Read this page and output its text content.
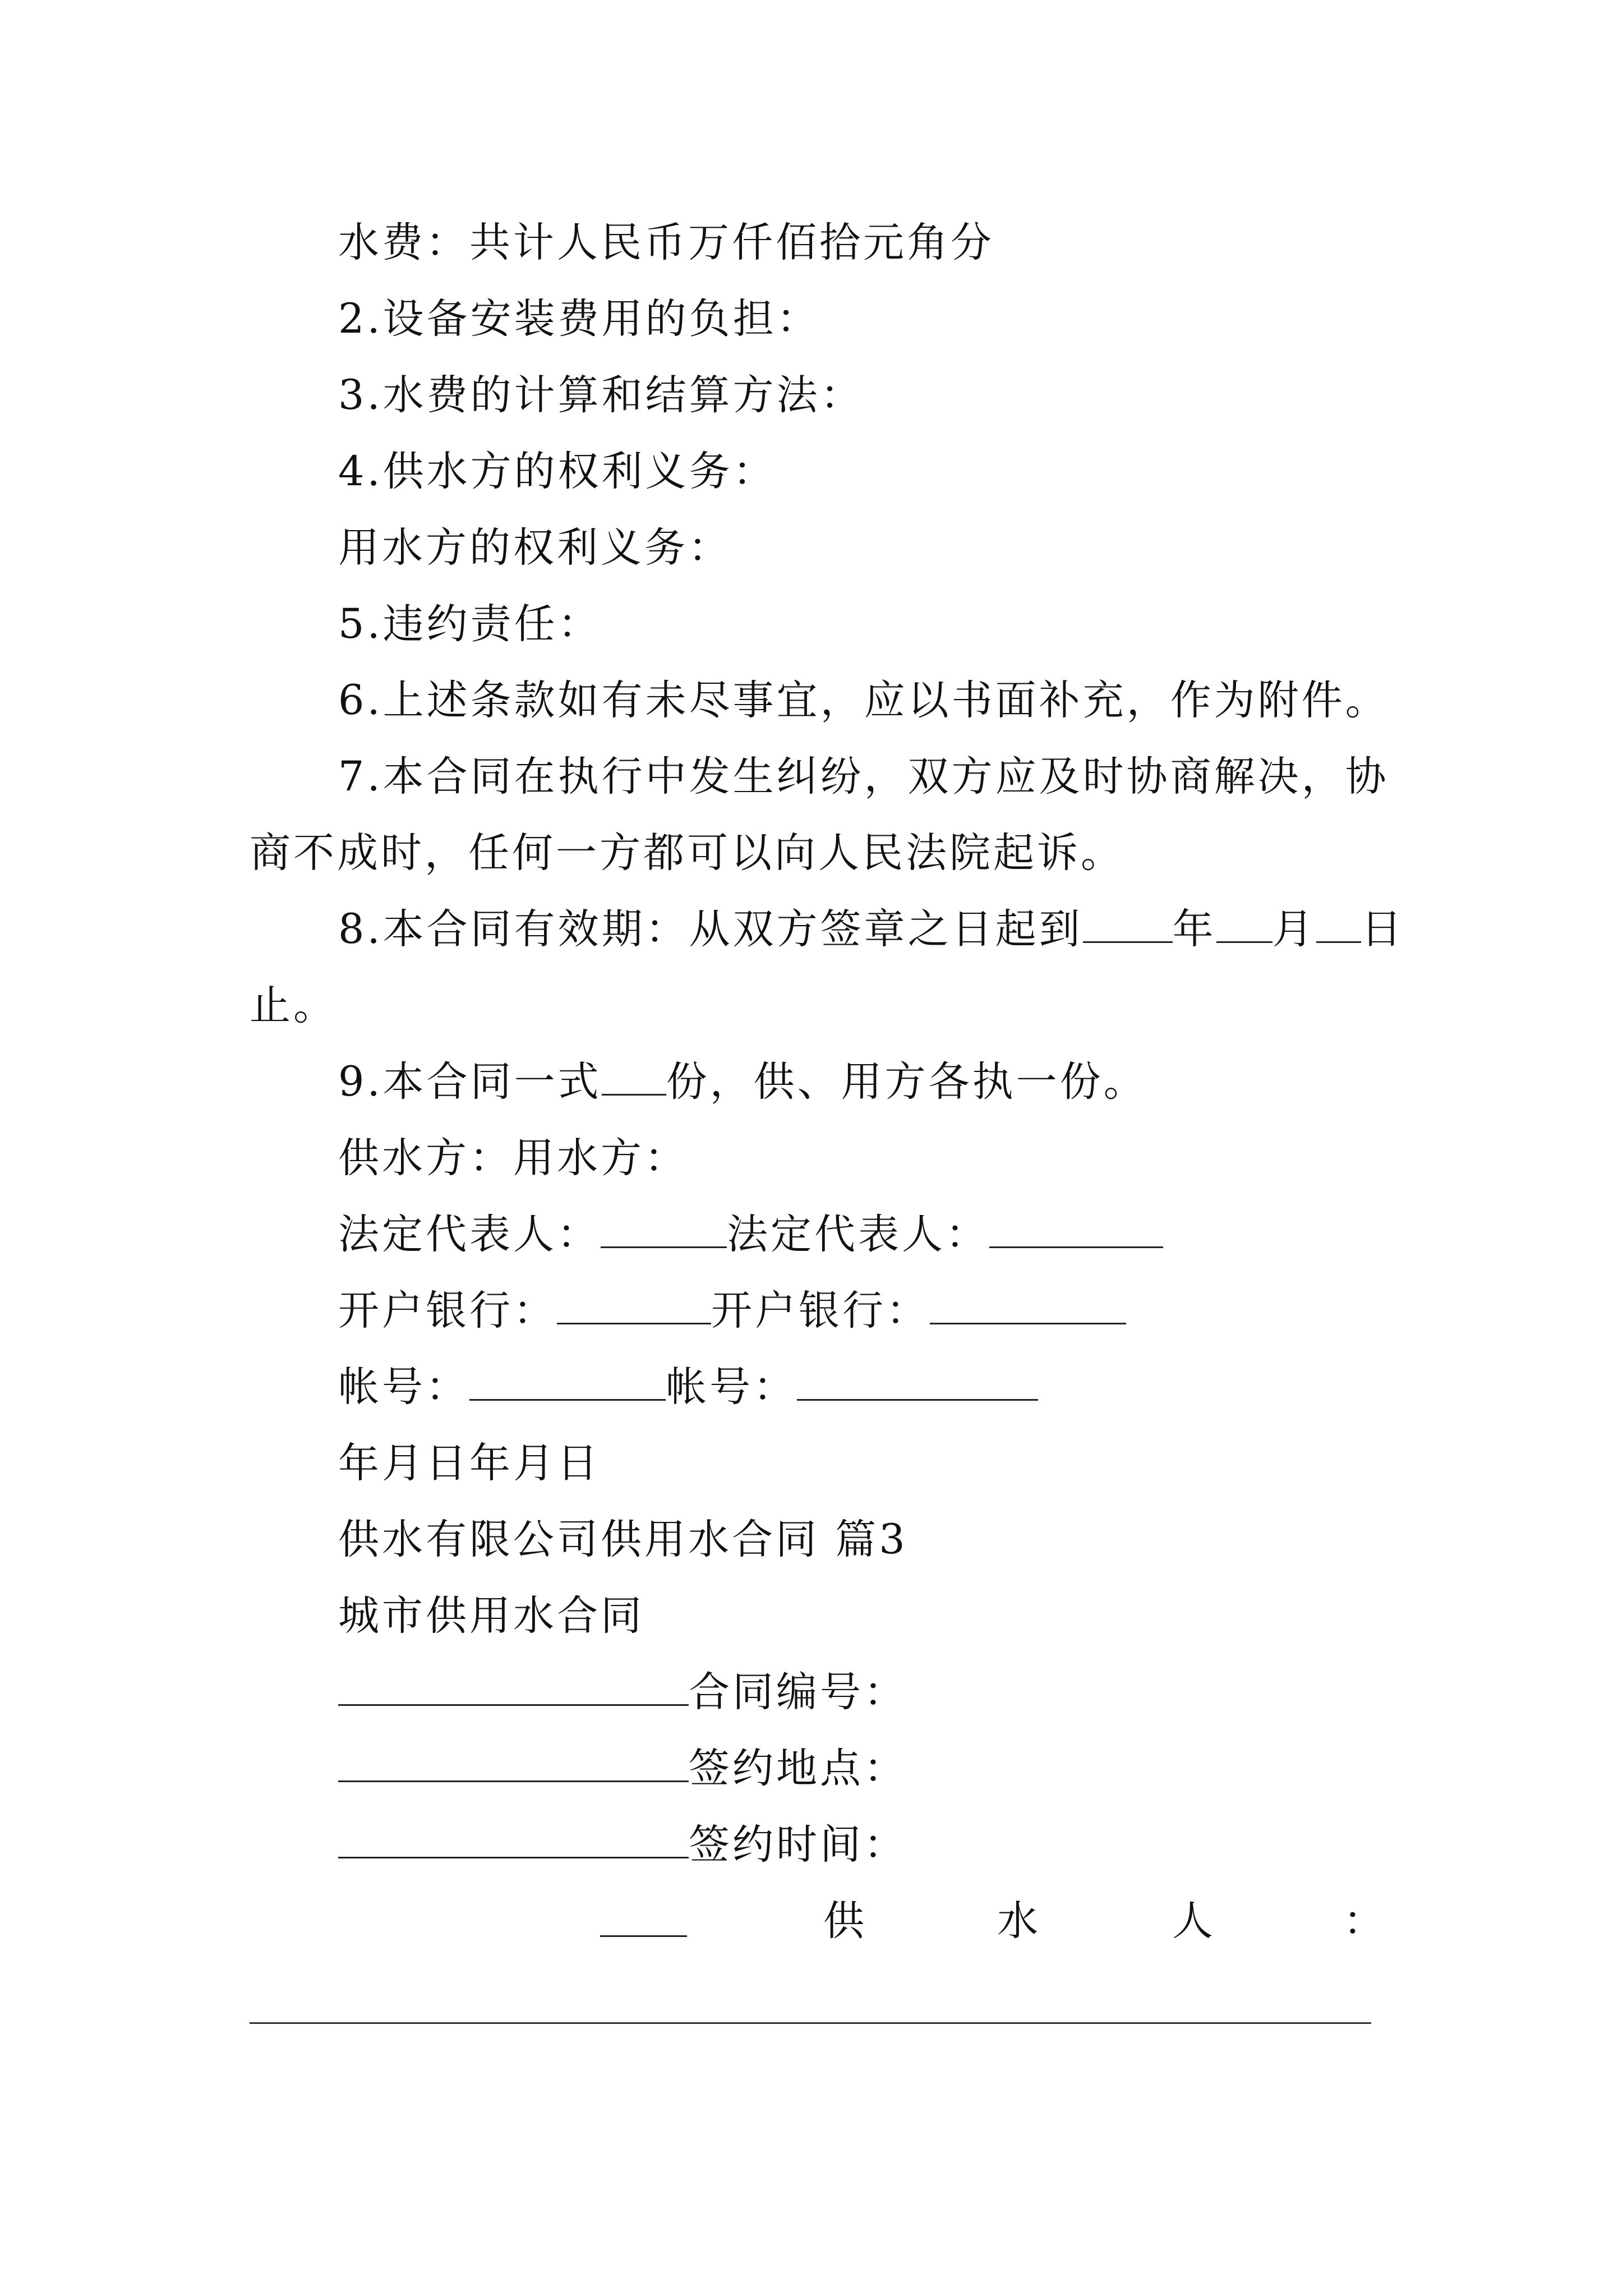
水费：共计人民币万仟佰拾元角分
2.设备安装费用的负担：
3.水费的计算和结算方法：
4.供水方的权利义务：
用水方的权利义务：
5.违约责任：
6.上述条款如有未尽事宜，应以书面补充，作为附件。
7.本合同在执行中发生纠纷，双方应及时协商解决，协
商不成时，任何一方都可以向人民法院起诉。
8.本合同有效期：从双方签章之日起到 年 月 日
止。
9.本合同一式 份，供、用方各执一份。
供水方：用水方：
法定代表人：	法定代表人：
开户银行：	开户银行：
帐号：	帐号：
年月日年月日
供水有限公司供用水合同 篇3
城市供用水合同
合同编号：
签约地点：
签约时间：
供	水	人	：
